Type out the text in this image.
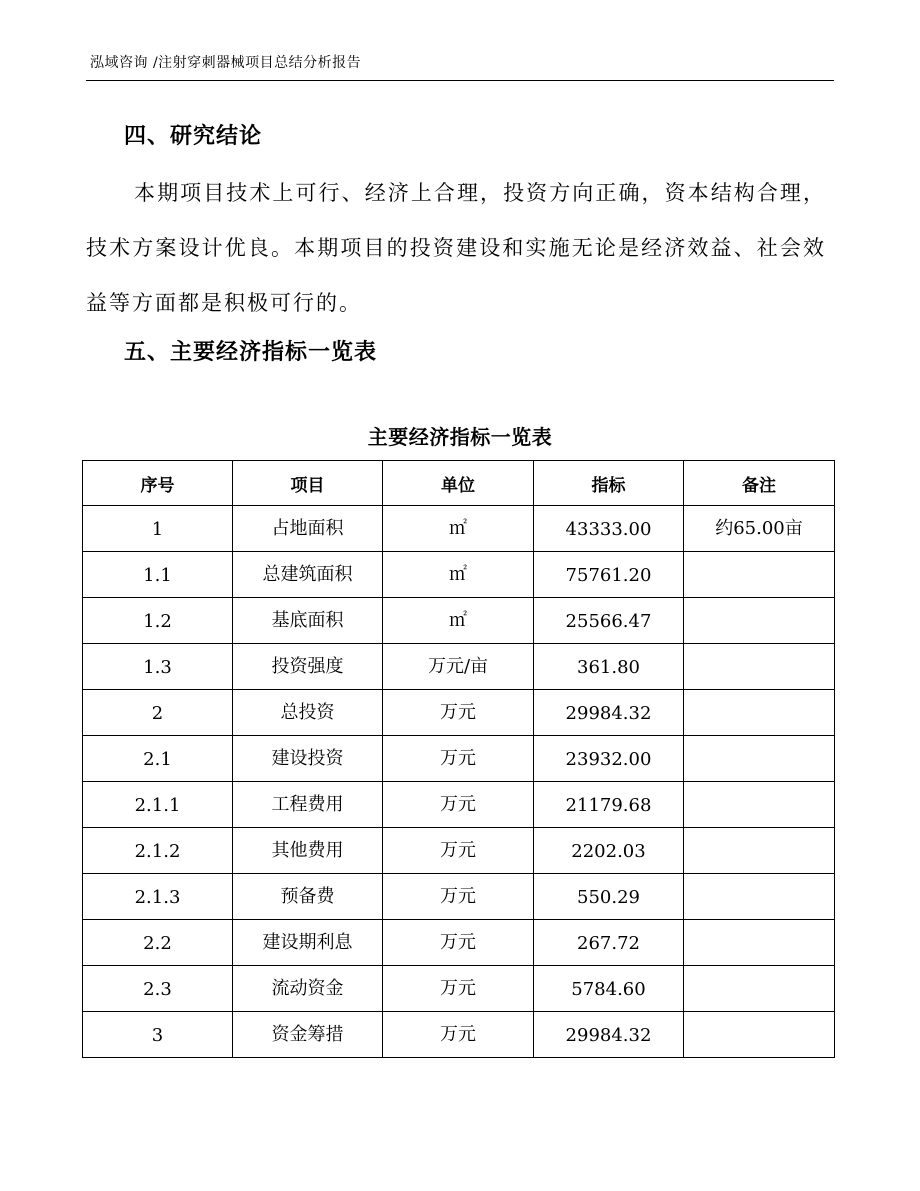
泓域咨询 /注射穿刺器械项目总结分析报告
四、研究结论
本期项目技术上可行、经济上合理，投资方向正确，资本结构合理，技术方案设计优良。本期项目的投资建设和实施无论是经济效益、社会效益等方面都是积极可行的。
五、主要经济指标一览表
主要经济指标一览表
序号	项目	单位	指标	备注

1	占地面积	㎡	43333.00	约65.00亩

1.1	总建筑面积	㎡	75761.20	

1.2	基底面积	㎡	25566.47	

1.3	投资强度	万元/亩	361.80	

2	总投资	万元	29984.32	

2.1	建设投资	万元	23932.00	

2.1.1	工程费用	万元	21179.68	

2.1.2	其他费用	万元	2202.03	

2.1.3	预备费	万元	550.29	

2.2	建设期利息	万元	267.72	

2.3	流动资金	万元	5784.60	

3	资金筹措	万元	29984.32	
